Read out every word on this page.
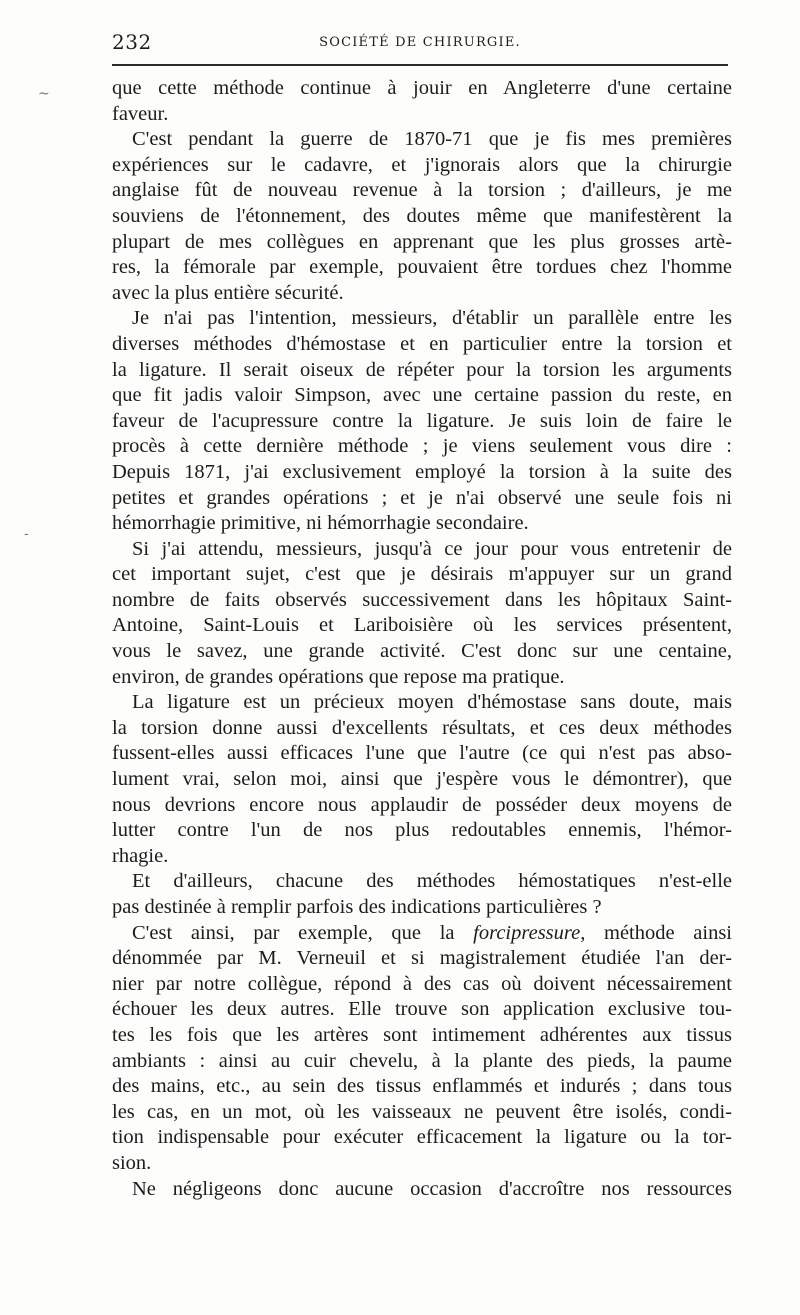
232	SOCIÉTÉ DE CHIRURGIE.
~
-
que cette méthode continue à jouir en Angleterre d'une certaine
faveur.
C'est pendant la guerre de 1870-71 que je fis mes premières
expériences sur le cadavre, et j'ignorais alors que la chirurgie
anglaise fût de nouveau revenue à la torsion ; d'ailleurs, je me
souviens de l'étonnement, des doutes même que manifestèrent la
plupart de mes collègues en apprenant que les plus grosses artè-
res, la fémorale par exemple, pouvaient être tordues chez l'homme
avec la plus entière sécurité.
Je n'ai pas l'intention, messieurs, d'établir un parallèle entre les
diverses méthodes d'hémostase et en particulier entre la torsion et
la ligature. Il serait oiseux de répéter pour la torsion les arguments
que fit jadis valoir Simpson, avec une certaine passion du reste, en
faveur de l'acupressure contre la ligature. Je suis loin de faire le
procès à cette dernière méthode ; je viens seulement vous dire :
Depuis 1871, j'ai exclusivement employé la torsion à la suite des
petites et grandes opérations ; et je n'ai observé une seule fois ni
hémorrhagie primitive, ni hémorrhagie secondaire.
Si j'ai attendu, messieurs, jusqu'à ce jour pour vous entretenir de
cet important sujet, c'est que je désirais m'appuyer sur un grand
nombre de faits observés successivement dans les hôpitaux Saint-
Antoine, Saint-Louis et Lariboisière où les services présentent,
vous le savez, une grande activité. C'est donc sur une centaine,
environ, de grandes opérations que repose ma pratique.
La ligature est un précieux moyen d'hémostase sans doute, mais
la torsion donne aussi d'excellents résultats, et ces deux méthodes
fussent-elles aussi efficaces l'une que l'autre (ce qui n'est pas abso-
lument vrai, selon moi, ainsi que j'espère vous le démontrer), que
nous devrions encore nous applaudir de posséder deux moyens de
lutter contre l'un de nos plus redoutables ennemis, l'hémor-
rhagie.
Et d'ailleurs, chacune des méthodes hémostatiques n'est-elle
pas destinée à remplir parfois des indications particulières ?
C'est ainsi, par exemple, que la forcipressure, méthode ainsi
dénommée par M. Verneuil et si magistralement étudiée l'an der-
nier par notre collègue, répond à des cas où doivent nécessairement
échouer les deux autres. Elle trouve son application exclusive tou-
tes les fois que les artères sont intimement adhérentes aux tissus
ambiants : ainsi au cuir chevelu, à la plante des pieds, la paume
des mains, etc., au sein des tissus enflammés et indurés ; dans tous
les cas, en un mot, où les vaisseaux ne peuvent être isolés, condi-
tion indispensable pour exécuter efficacement la ligature ou la tor-
sion.
Ne négligeons donc aucune occasion d'accroître nos ressources
